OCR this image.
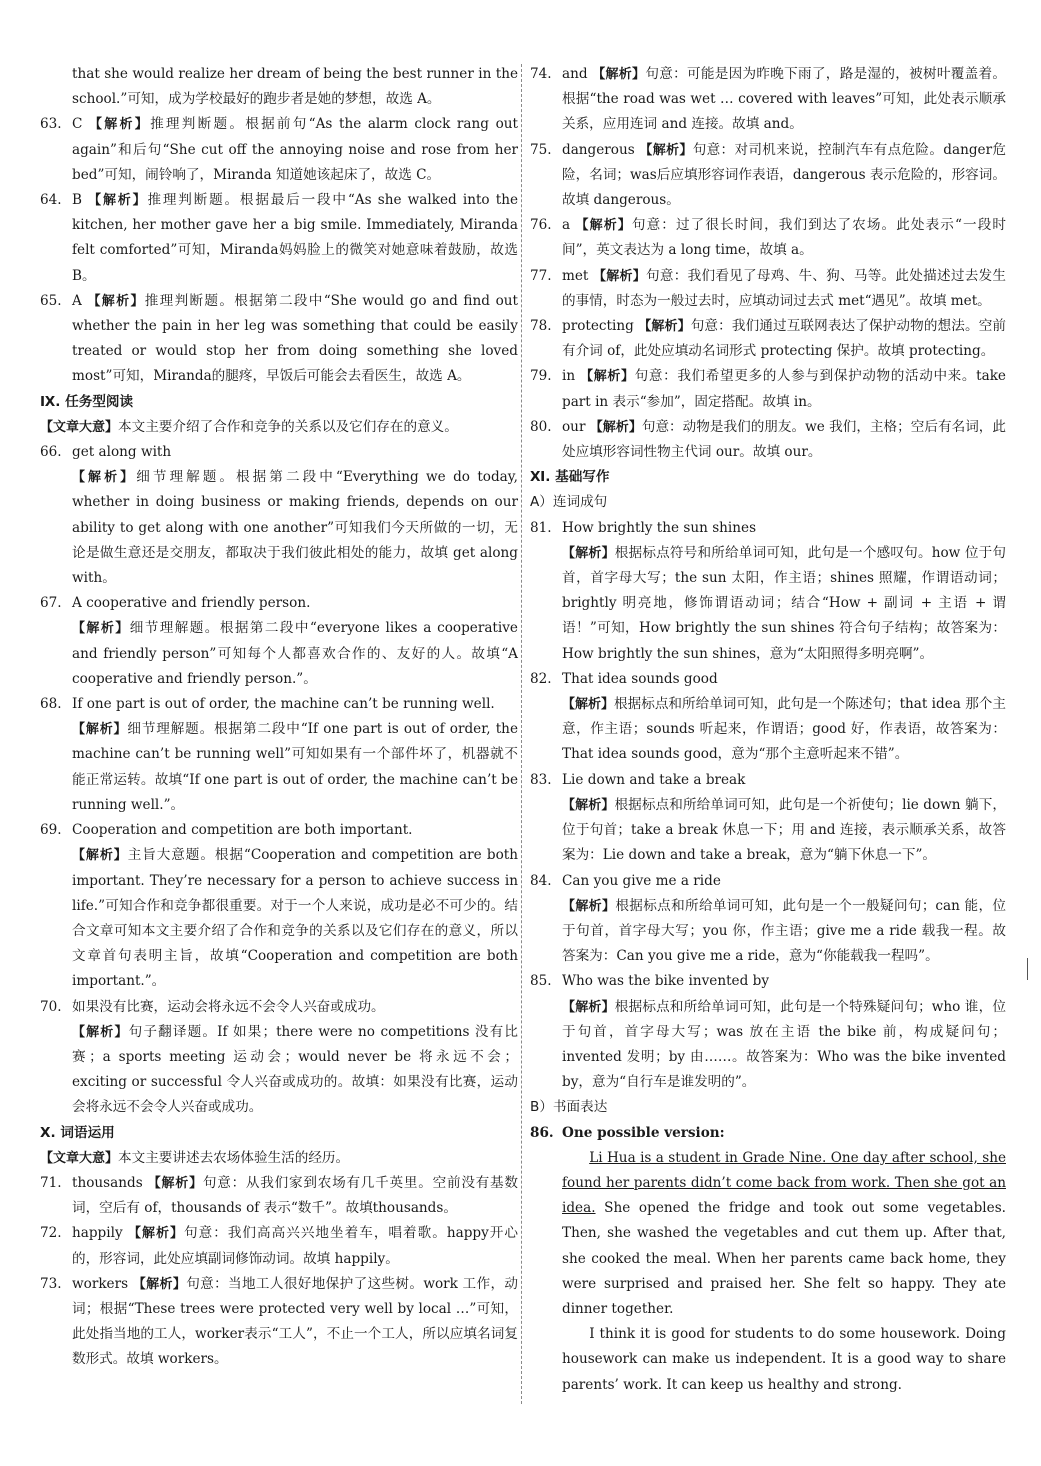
that she would realize her dream of being the best runner in the school.”可知，成为学校最好的跑步者是她的梦想，故选 A。
63. C 【解析】推理判断题。根据前句“As the alarm clock rang out again”和后句“She cut off the annoying noise and rose from her bed”可知，闹铃响了，Miranda 知道她该起床了，故选 C。
64. B 【解析】推理判断题。根据最后一段中“As she walked into the kitchen, her mother gave her a big smile. Immediately, Miranda felt comforted”可知，Miranda妈妈脸上的微笑对她意味着鼓励，故选 B。
65. A 【解析】推理判断题。根据第二段中“She would go and find out whether the pain in her leg was something that could be easily treated or would stop her from doing something she loved most”可知，Miranda的腿疼，早饭后可能会去看医生，故选 A。
Ⅸ. 任务型阅读
【文章大意】本文主要介绍了合作和竞争的关系以及它们存在的意义。
66. get along with
【解析】细节理解题。根据第二段中“Everything we do today, whether in doing business or making friends, depends on our ability to get along with one another”可知我们今天所做的一切，无论是做生意还是交朋友，都取决于我们彼此相处的能力，故填 get along with。
67. A cooperative and friendly person.
【解析】细节理解题。根据第二段中“everyone likes a cooperative and friendly person”可知每个人都喜欢合作的、友好的人。故填“A cooperative and friendly person.”。
68. If one part is out of order, the machine can’t be running well.
【解析】细节理解题。根据第二段中“If one part is out of order, the machine can’t be running well”可知如果有一个部件坏了，机器就不能正常运转。故填“If one part is out of order, the machine can’t be running well.”。
69. Cooperation and competition are both important.
【解析】主旨大意题。根据“Cooperation and competition are both important. They’re necessary for a person to achieve success in life.”可知合作和竞争都很重要。对于一个人来说，成功是必不可少的。结合文章可知本文主要介绍了合作和竞争的关系以及它们存在的意义，所以文章首句表明主旨，故填“Cooperation and competition are both important.”。
70. 如果没有比赛，运动会将永远不会令人兴奋或成功。
【解析】句子翻译题。If 如果；there were no competitions 没有比赛；a sports meeting 运动会；would never be 将永远不会；exciting or successful 令人兴奋或成功的。故填：如果没有比赛，运动会将永远不会令人兴奋或成功。
Ⅹ. 词语运用
【文章大意】本文主要讲述去农场体验生活的经历。
71. thousands 【解析】句意：从我们家到农场有几千英里。空前没有基数词，空后有 of，thousands of 表示“数千”。故填thousands。
72. happily 【解析】句意：我们高高兴兴地坐着车，唱着歌。happy开心的，形容词，此处应填副词修饰动词。故填 happily。
73. workers 【解析】句意：当地工人很好地保护了这些树。work 工作，动词；根据“These trees were protected very well by local …”可知，此处指当地的工人，worker表示“工人”，不止一个工人，所以应填名词复数形式。故填 workers。
74. and 【解析】句意：可能是因为昨晚下雨了，路是湿的，被树叶覆盖着。根据“the road was wet … covered with leaves”可知，此处表示顺承关系，应用连词 and 连接。故填 and。
75. dangerous 【解析】句意：对司机来说，控制汽车有点危险。danger危险，名词；was后应填形容词作表语，dangerous 表示危险的，形容词。故填 dangerous。
76. a 【解析】句意：过了很长时间，我们到达了农场。此处表示“一段时间”，英文表达为 a long time，故填 a。
77. met 【解析】句意：我们看见了母鸡、牛、狗、马等。此处描述过去发生的事情，时态为一般过去时，应填动词过去式 met“遇见”。故填 met。
78. protecting 【解析】句意：我们通过互联网表达了保护动物的想法。空前有介词 of，此处应填动名词形式 protecting 保护。故填 protecting。
79. in 【解析】句意：我们希望更多的人参与到保护动物的活动中来。take part in 表示“参加”，固定搭配。故填 in。
80. our 【解析】句意：动物是我们的朋友。we 我们，主格；空后有名词，此处应填形容词性物主代词 our。故填 our。
Ⅺ. 基础写作
A）连词成句
81. How brightly the sun shines
【解析】根据标点符号和所给单词可知，此句是一个感叹句。how 位于句首，首字母大写；the sun 太阳，作主语；shines 照耀，作谓语动词；brightly 明亮地，修饰谓语动词；结合“How + 副词 + 主语 + 谓语！”可知，How brightly the sun shines 符合句子结构；故答案为：How brightly the sun shines，意为“太阳照得多明亮啊”。
82. That idea sounds good
【解析】根据标点和所给单词可知，此句是一个陈述句；that idea 那个主意，作主语；sounds 听起来，作谓语；good 好，作表语，故答案为：That idea sounds good，意为“那个主意听起来不错”。
83. Lie down and take a break
【解析】根据标点和所给单词可知，此句是一个祈使句；lie down 躺下，位于句首；take a break 休息一下；用 and 连接，表示顺承关系，故答案为：Lie down and take a break，意为“躺下休息一下”。
84. Can you give me a ride
【解析】根据标点和所给单词可知，此句是一个一般疑问句；can 能，位于句首，首字母大写；you 你，作主语；give me a ride 载我一程。故答案为：Can you give me a ride，意为“你能载我一程吗”。
85. Who was the bike invented by
【解析】根据标点和所给单词可知，此句是一个特殊疑问句；who 谁，位于句首，首字母大写；was 放在主语 the bike 前，构成疑问句；invented 发明；by 由……。故答案为：Who was the bike invented by，意为“自行车是谁发明的”。
B）书面表达
86. One possible version:

Li Hua is a student in Grade Nine. One day after school, she found her parents didn’t come back from work. Then she got an idea. She opened the fridge and took out some vegetables. Then, she washed the vegetables and cut them up. After that, she cooked the meal. When her parents came back home, they were surprised and praised her. She felt so happy. They ate dinner together.

I think it is good for students to do some housework. Doing housework can make us independent. It is a good way to share parents’ work. It can keep us healthy and strong.
